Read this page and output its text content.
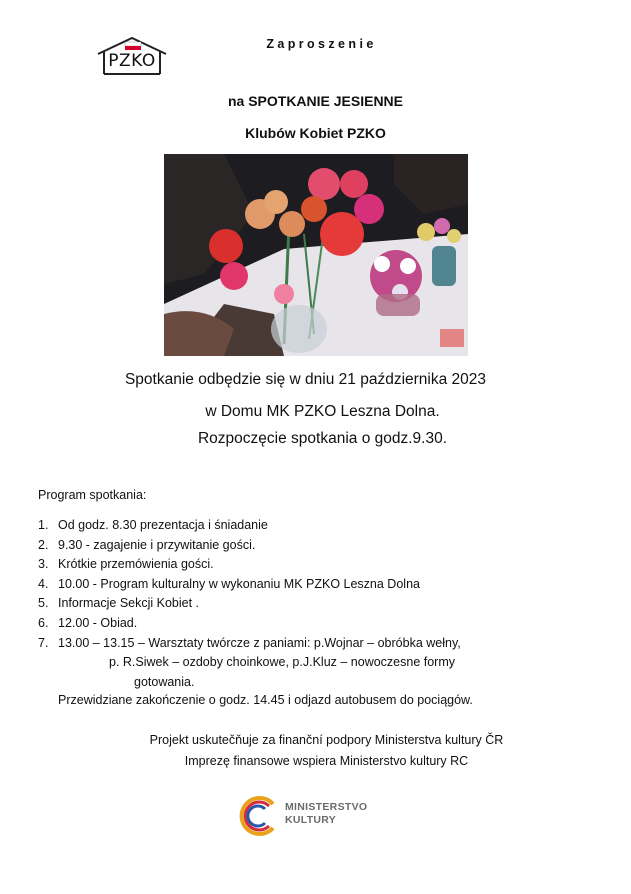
PZKO
Zaproszenie
na SPOTKANIE JESIENNE
Klubów Kobiet PZKO
Spotkanie odbędzie się w dniu 21 października 2023
w Domu MK PZKO Leszna Dolna.
Rozpoczęcie spotkania o godz.9.30.
Program spotkania:
1. Od godz. 8.30 prezentacja i śniadanie
2. 9.30 - zagajenie i przywitanie gości.
3. Krótkie przemówienia gości.
4. 10.00 - Program kulturalny w wykonaniu MK PZKO Leszna Dolna
5. Informacje Sekcji Kobiet .
6. 12.00 - Obiad.
7. 13.00 – 13.15 – Warsztaty twórcze z paniami: p.Wojnar – obróbka wełny,
p. R.Siwek – ozdoby choinkowe, p.J.Kluz – nowoczesne formy
gotowania.
Przewidziane zakończenie o godz. 14.45 i odjazd autobusem do pociągów.
Projekt uskutečňuje za finanční podpory Ministerstva kultury ČR
Imprezę finansowe wspiera Ministerstvo kultury RC
MINISTERSTVO
KULTURY
